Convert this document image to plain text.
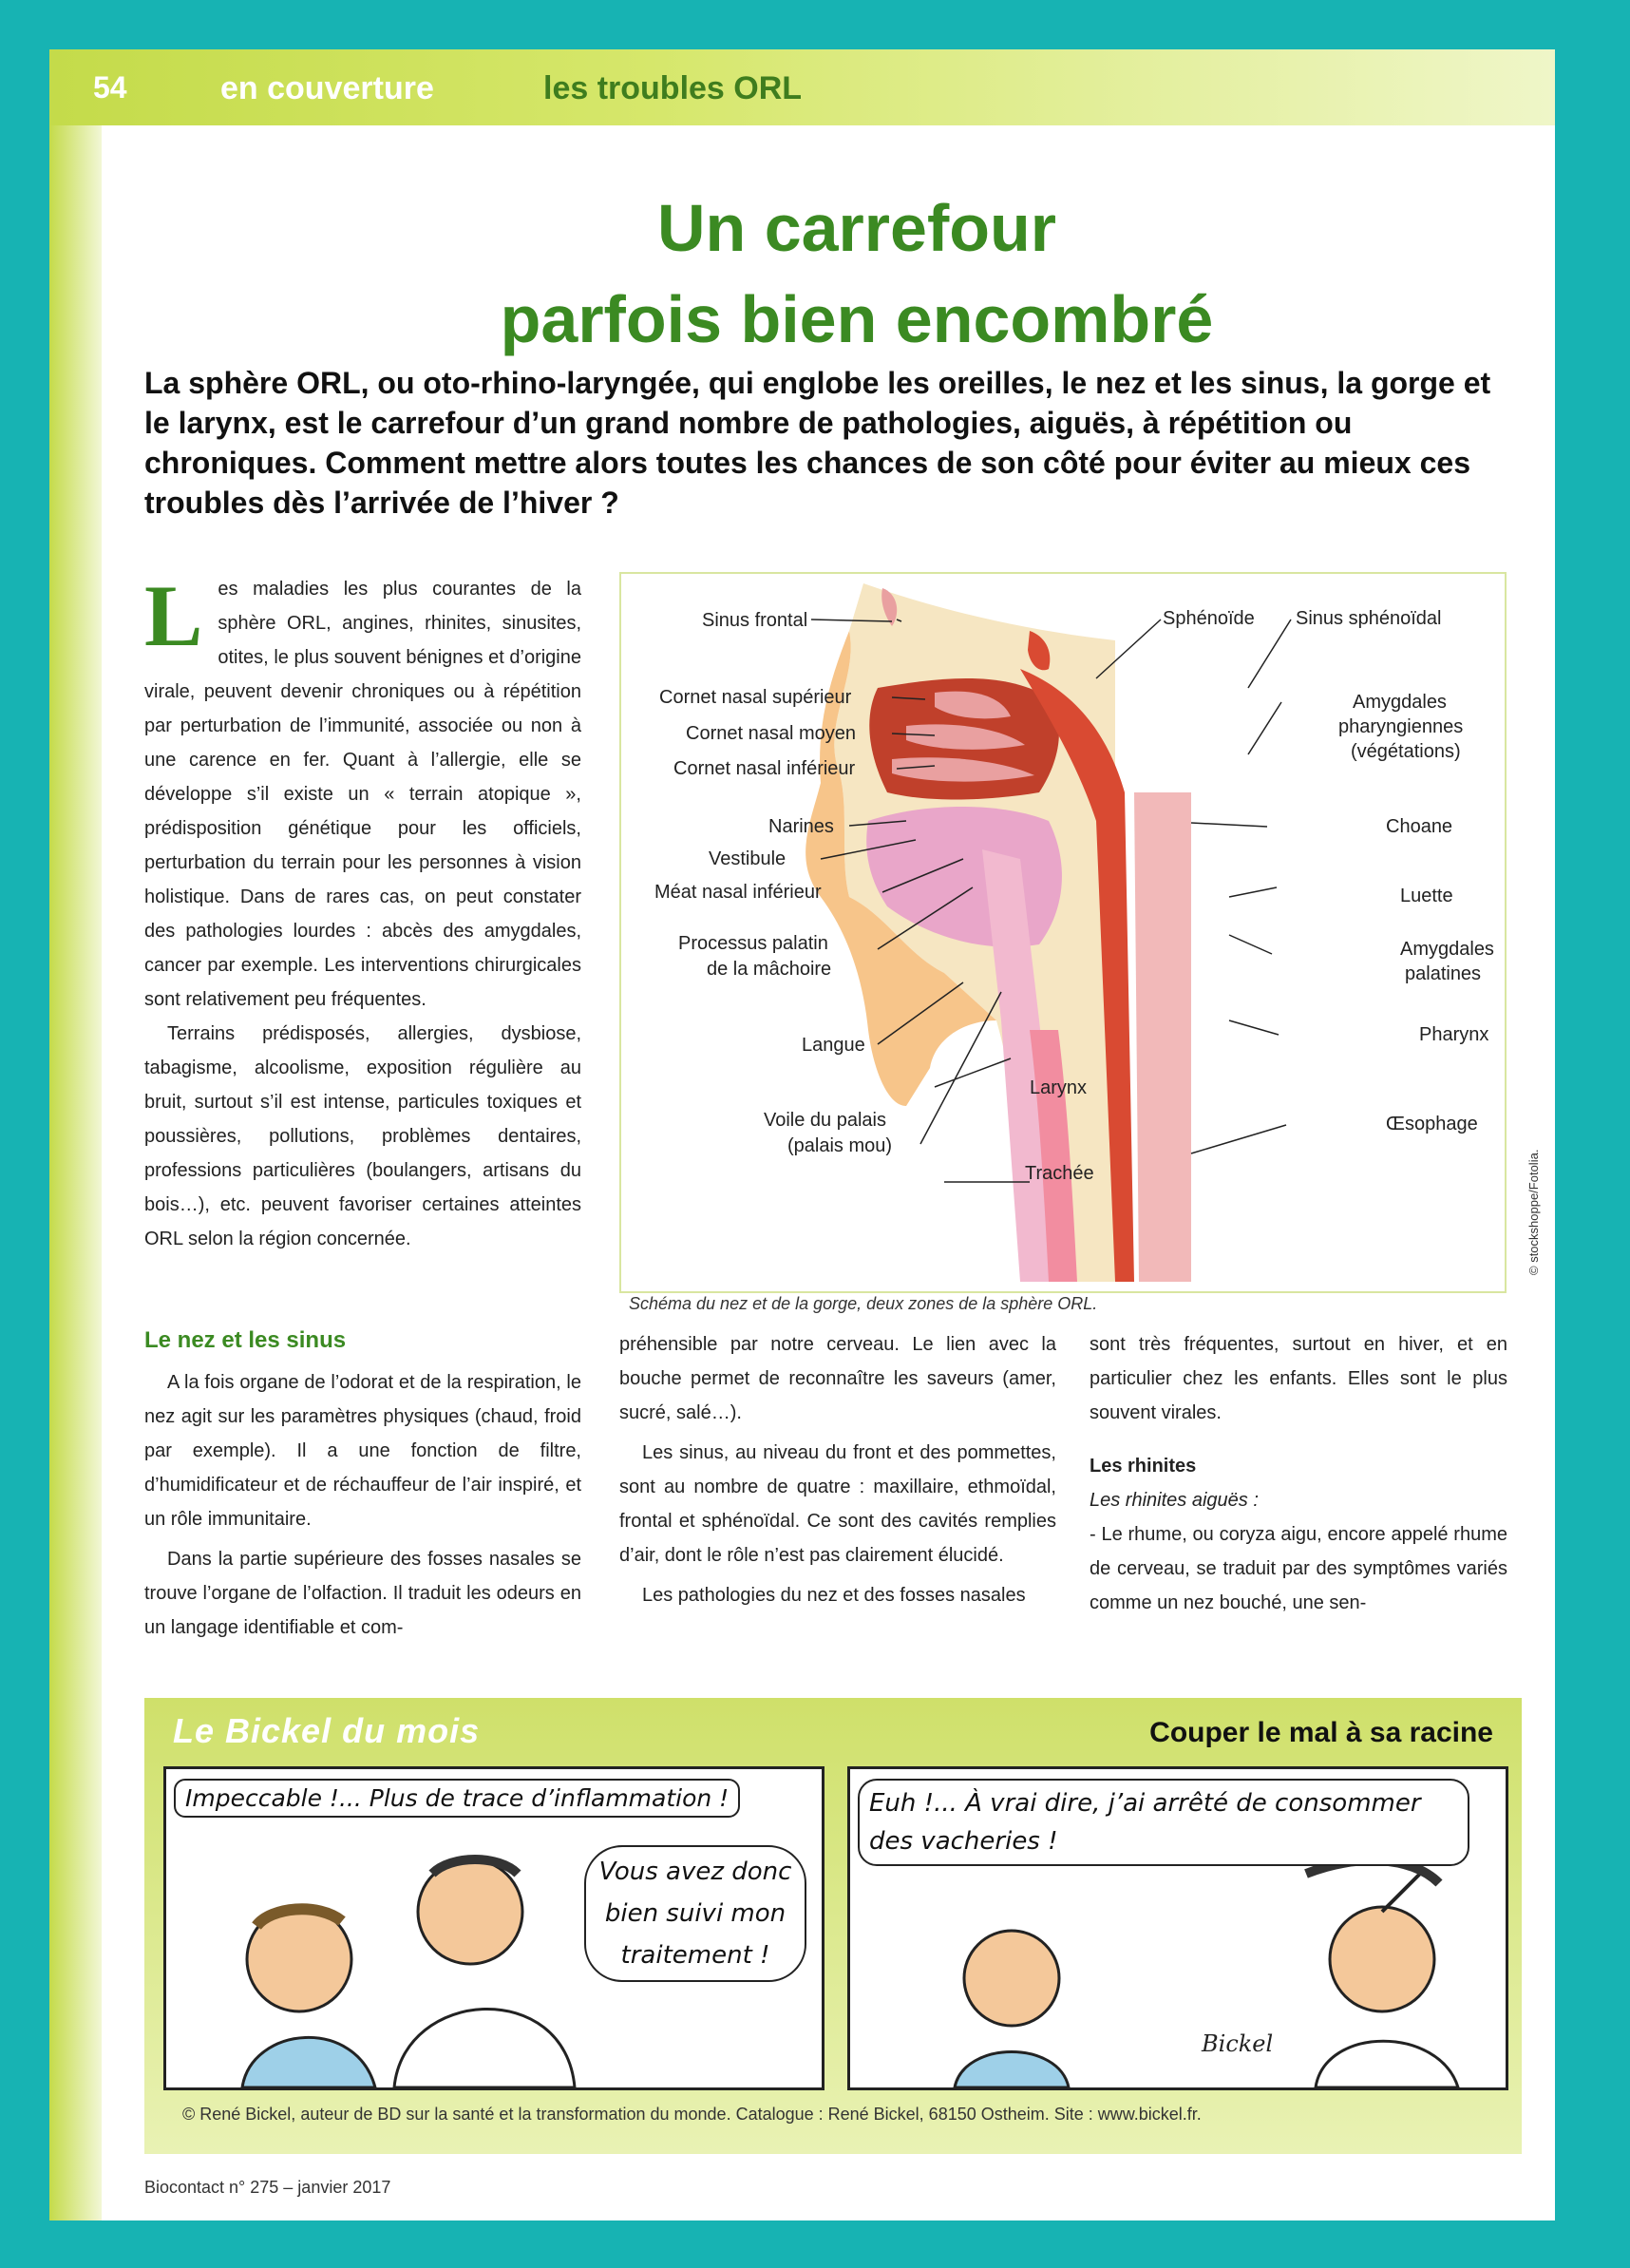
54	en couverture	les troubles ORL
Un carrefour
parfois bien encombré
La sphère ORL, ou oto-rhino-laryngée, qui englobe les oreilles, le nez et les sinus, la gorge et le larynx, est le carrefour d’un grand nombre de pathologies, aiguës, à répétition ou chroniques. Comment mettre alors toutes les chances de son côté pour éviter au mieux ces troubles dès l’arrivée de l’hiver ?

Les maladies les plus courantes de la sphère ORL, angines, rhinites, sinusites, otites, le plus souvent bénignes et d’origine virale, peuvent devenir chroniques ou à répétition par perturbation de l’immunité, associée ou non à une carence en fer. Quant à l’allergie, elle se développe s’il existe un « terrain atopique », prédisposition génétique pour les officiels, perturbation du terrain pour les personnes à vision holistique. Dans de rares cas, on peut constater des pathologies lourdes : abcès des amygdales, cancer par exemple. Les interventions chirurgicales sont relativement peu fréquentes.

Terrains prédisposés, allergies, dysbiose, tabagisme, alcoolisme, exposition régulière au bruit, surtout s’il est intense, particules toxiques et poussières, pollutions, problèmes dentaires, professions particulières (boulangers, artisans du bois…), etc. peuvent favoriser certaines atteintes ORL selon la région concernée.

Sinus frontal	Sphénoïde Sinus sphénoïdal
Cornet nasal supérieur
Cornet nasal moyen
Cornet nasal inférieur
Amygdales
pharyngiennes
(végétations)
Narines	Choane
Vestibule
Méat nasal inférieur	Luette
Processus palatin
de la mâchoire
Amygdales
palatines
Langue	Pharynx
Larynx
Voile du palais
(palais mou)
Œsophage
Trachée
Schéma du nez et de la gorge, deux zones de la sphère ORL.
© stockshoppe/Fotolia.
Le nez et les sinus

A la fois organe de l’odorat et de la respiration, le nez agit sur les paramètres physiques (chaud, froid par exemple). Il a une fonction de filtre, d’humidificateur et de réchauffeur de l’air inspiré, et un rôle immunitaire.

Dans la partie supérieure des fosses nasales se trouve l’organe de l’olfaction. Il traduit les odeurs en un langage identifiable et com-

préhensible par notre cerveau. Le lien avec la bouche permet de reconnaître les saveurs (amer, sucré, salé…).

Les sinus, au niveau du front et des pommettes, sont au nombre de quatre : maxillaire, ethmoïdal, frontal et sphénoïdal. Ce sont des cavités remplies d’air, dont le rôle n’est pas clairement élucidé.

Les pathologies du nez et des fosses nasales

sont très fréquentes, surtout en hiver, et en particulier chez les enfants. Elles sont le plus souvent virales.

Les rhinites

Les rhinites aiguës :

- Le rhume, ou coryza aigu, encore appelé rhume de cerveau, se traduit par des symptômes variés comme un nez bouché, une sen-

Le Bickel du mois	Couper le mal à sa racine
Impeccable !... Plus de trace d’inflammation !
Vous avez donc bien suivi mon traitement !
Euh !... À vrai dire, j’ai arrêté de consommer des vacheries !
Bickel
© René Bickel, auteur de BD sur la santé et la transformation du monde. Catalogue : René Bickel, 68150 Ostheim. Site : www.bickel.fr.
Biocontact n° 275 – janvier 2017
